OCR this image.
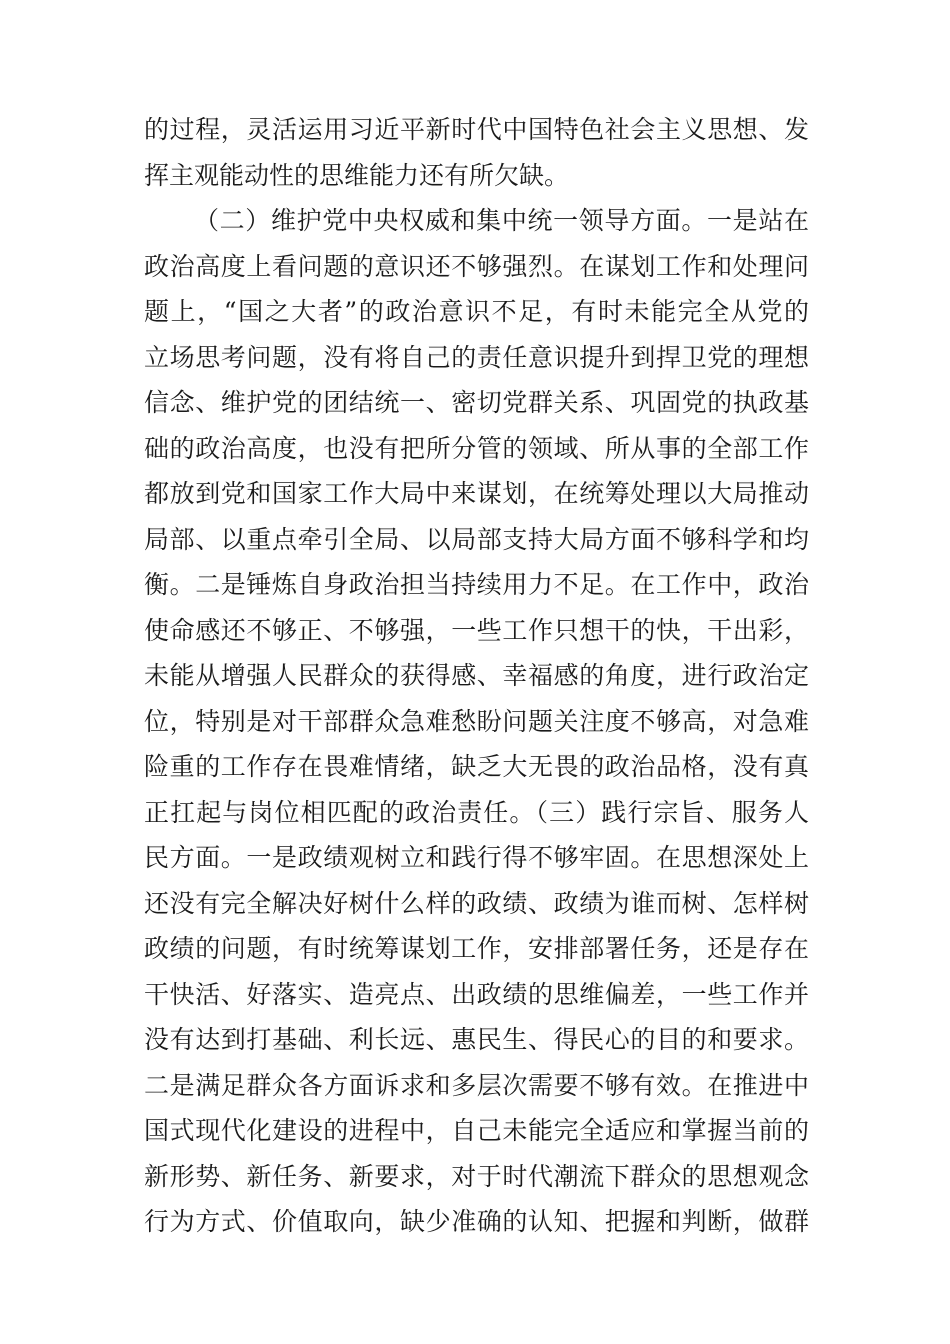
的过程，灵活运用习近平新时代中国特色社会主义思想、发
挥主观能动性的思维能力还有所欠缺。
（二）维护党中央权威和集中统一领导方面。一是站在
政治高度上看问题的意识还不够强烈。在谋划工作和处理问
题上，“国之大者”的政治意识不足，有时未能完全从党的
立场思考问题，没有将自己的责任意识提升到捍卫党的理想
信念、维护党的团结统一、密切党群关系、巩固党的执政基
础的政治高度，也没有把所分管的领域、所从事的全部工作
都放到党和国家工作大局中来谋划，在统筹处理以大局推动
局部、以重点牵引全局、以局部支持大局方面不够科学和均
衡。二是锤炼自身政治担当持续用力不足。在工作中，政治
使命感还不够正、不够强，一些工作只想干的快，干出彩，
未能从增强人民群众的获得感、幸福感的角度，进行政治定
位，特别是对干部群众急难愁盼问题关注度不够高，对急难
险重的工作存在畏难情绪，缺乏大无畏的政治品格，没有真
正扛起与岗位相匹配的政治责任。（三）践行宗旨、服务人
民方面。一是政绩观树立和践行得不够牢固。在思想深处上
还没有完全解决好树什么样的政绩、政绩为谁而树、怎样树
政绩的问题，有时统筹谋划工作，安排部署任务，还是存在
干快活、好落实、造亮点、出政绩的思维偏差，一些工作并
没有达到打基础、利长远、惠民生、得民心的目的和要求。
二是满足群众各方面诉求和多层次需要不够有效。在推进中
国式现代化建设的进程中，自己未能完全适应和掌握当前的
新形势、新任务、新要求，对于时代潮流下群众的思想观念
行为方式、价值取向，缺少准确的认知、把握和判断，做群
